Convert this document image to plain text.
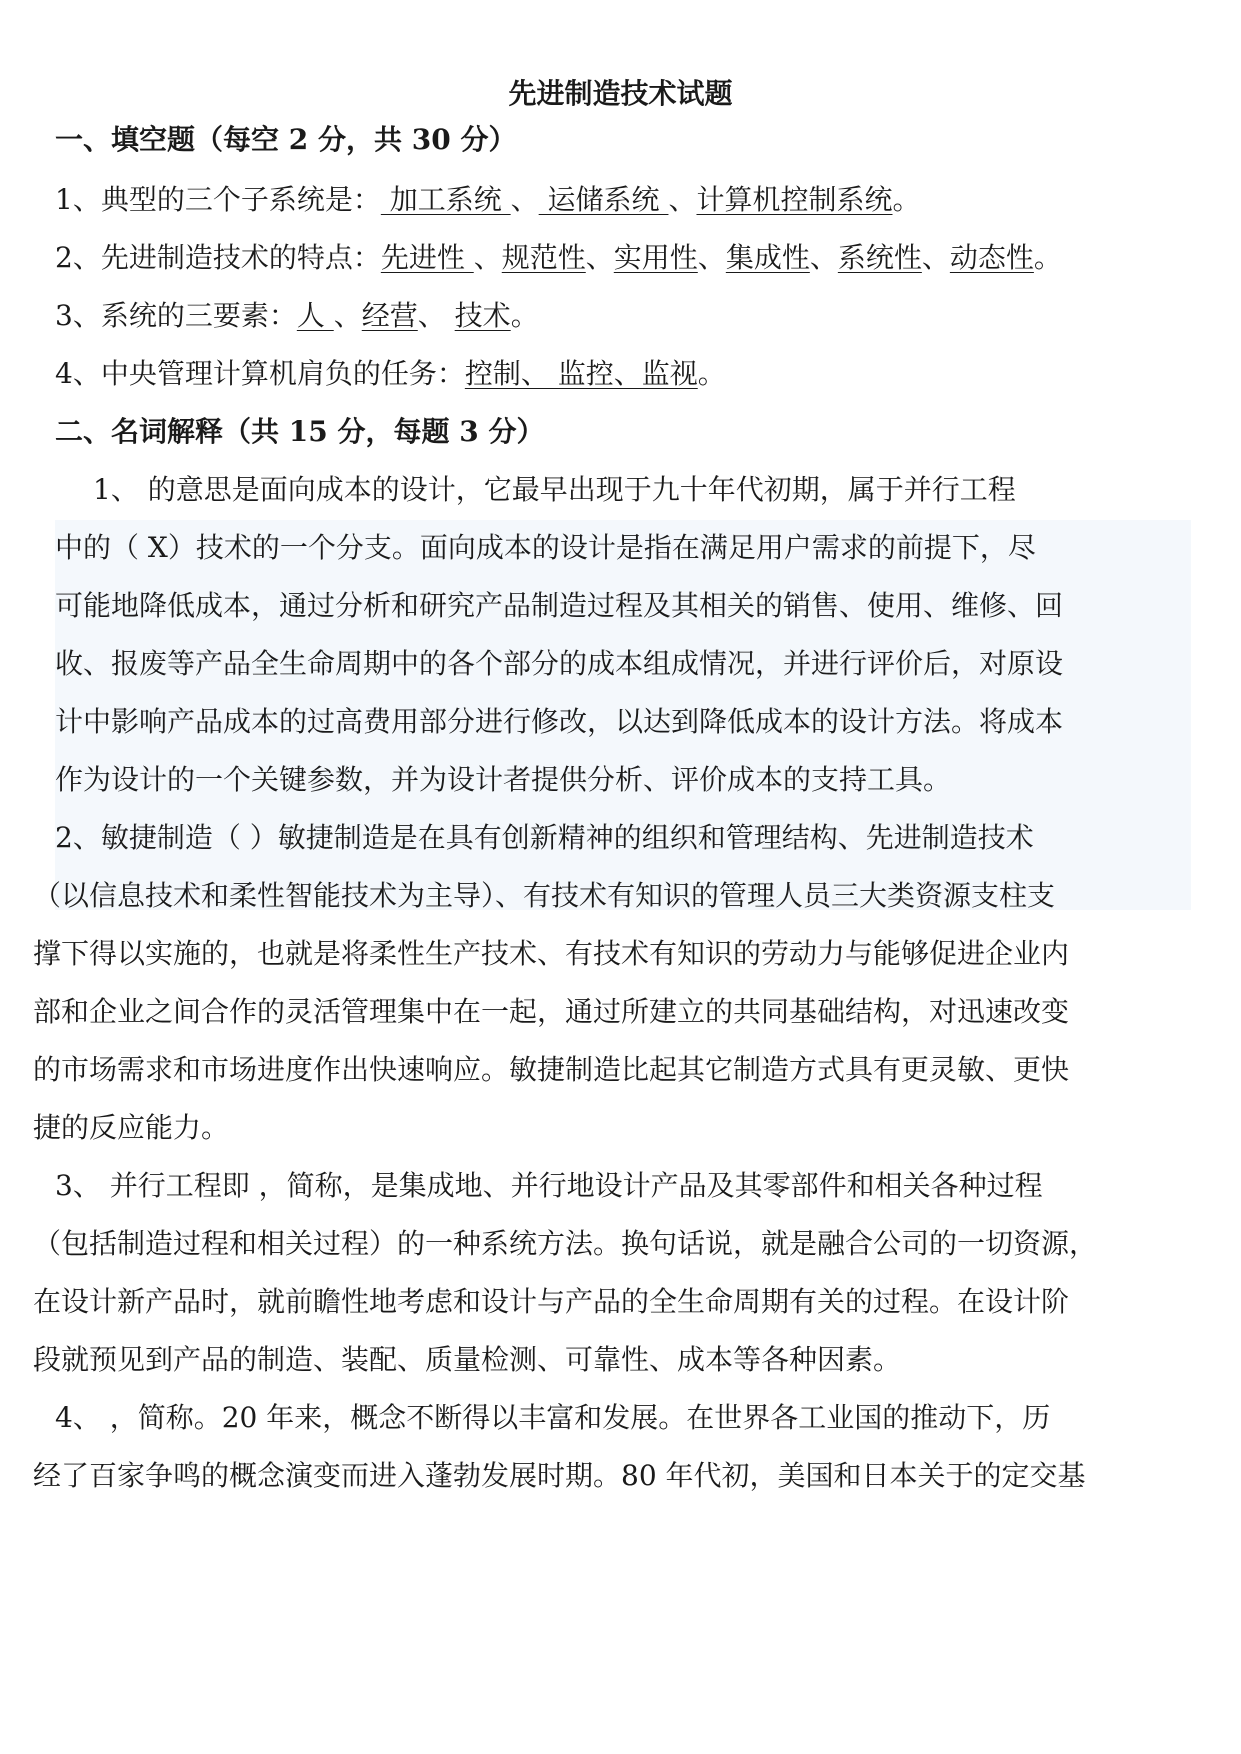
先进制造技术试题
一、填空题（每空 2 分，共 30 分）
1、典型的三个子系统是： 加工系统 、 运储系统 、计算机控制系统。
2、先进制造技术的特点：先进性 、规范性、实用性、集成性、系统性、动态性。
3、系统的三要素：人 、经营、 技术。
4、中央管理计算机肩负的任务：控制、 监控、监视。
二、名词解释（共 15 分，每题 3 分）
1、 的意思是面向成本的设计，它最早出现于九十年代初期，属于并行工程
中的（ X）技术的一个分支。面向成本的设计是指在满足用户需求的前提下，尽
可能地降低成本，通过分析和研究产品制造过程及其相关的销售、使用、维修、回
收、报废等产品全生命周期中的各个部分的成本组成情况，并进行评价后，对原设
计中影响产品成本的过高费用部分进行修改，以达到降低成本的设计方法。将成本
作为设计的一个关键参数，并为设计者提供分析、评价成本的支持工具。
2、敏捷制造（ ）敏捷制造是在具有创新精神的组织和管理结构、先进制造技术
（以信息技术和柔性智能技术为主导）、有技术有知识的管理人员三大类资源支柱支
撑下得以实施的，也就是将柔性生产技术、有技术有知识的劳动力与能够促进企业内
部和企业之间合作的灵活管理集中在一起，通过所建立的共同基础结构，对迅速改变
的市场需求和市场进度作出快速响应。敏捷制造比起其它制造方式具有更灵敏、更快
捷的反应能力。
3、 并行工程即 ，简称，是集成地、并行地设计产品及其零部件和相关各种过程
（包括制造过程和相关过程）的一种系统方法。换句话说，就是融合公司的一切资源，
在设计新产品时，就前瞻性地考虑和设计与产品的全生命周期有关的过程。在设计阶
段就预见到产品的制造、装配、质量检测、可靠性、成本等各种因素。
4、 ，简称。20 年来，概念不断得以丰富和发展。在世界各工业国的推动下，历
经了百家争鸣的概念演变而进入蓬勃发展时期。80 年代初，美国和日本关于的定交基
